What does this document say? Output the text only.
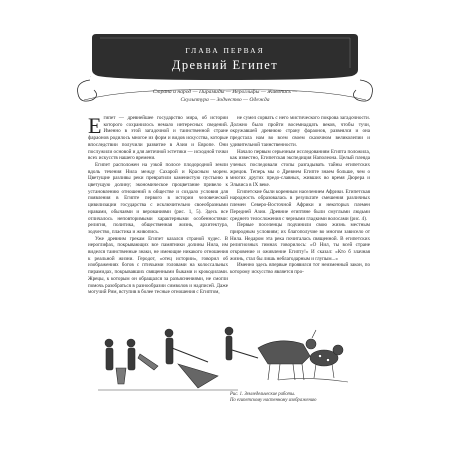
ГЛАВА ПЕРВАЯ
Древний Египет
Страна и народ — Пирамиды — Иероглифы — Живопись —
Скульптура — Зодчество — Одежда

Египет — древнейшее государство мира, об истории которого сохранилось немало интересных сведений. Именно в этой загадочной и таинственной стране фараонов родилось многое из форм и видов искусства, которые впоследствии получили развитие в Азии и Европе. Они послужили основой и для античной эстетики — исходной точки всех искусств нашего времени.

Египет расположен на узкой полосе плодородной земли вдоль течения Нила между Сахарой и Красным морем. Цветущие разливы реки превратили каменистую пустыню в цветущую долину; экономическое процветание привело к установлению отношений в обществе и создало условия для появления в Египте первого в истории человеческой цивилизации государства с исключительно своеобразными нравами, обычаями и верованиями (рис. 1, 5). Здесь все отличалось неповторимыми характерными особенностями: религия, политика, общественная жизнь, архитектура, зодчество, пластика и живопись.

Уже древним грекам Египет казался страной чудес. В иероглифах, покрывающих все памятники долины Нила, им виделся таинственные знаки, не имеющие никакого отношения к реальной жизни. Геродот, «отец истории», говорил об изображениях богов с птичьими головами на колоссальных пирамидах, покрывавших священными быками и крокодилами. Жрецы, к которым он обращался за разъяснениями, не смогли помочь разобраться в разнообразии символов и надписей. Даже могучий Рим, вступив в более тесные отношения с Египтом,

не сумел сорвать с него мистического покрова загадочности. Должно было пройти восемнадцать веков, чтобы тучи, окружавшей древнюю страну фараонов, развеялся и она предстала нам во всем своем сказочном великолепии и удивительной таинственности.

Начало первым серьезным исследованиям Египта положила, как известно, Египетская экспедиция Наполеона. Целый плеяда ученых последовали стопы разгадывать тайны египетских жрецов. Теперь мы о Древнем Египте знаем больше, чем о многих других предо-славных, живших во время Дюрера и Эльвиса в IX веке.

Египетские были коренным населением Африки. Египетская народность образовалась в результате смешения различных племен Северо-Восточной Африки и некоторых племен Передней Азии. Древние египтяне были смуглыми людьми среднего телосложения с черными гладкими волосами (рис. 4).

Первые поселенцы подчинили свою жизнь местным природным условиям; их благополучие во многом зависело от Нила. Недаром эта река почиталась священной. В египетских религиозных гимнах говорилось: «О Нил, ты всей стране откровение и оживление Египту!» И сказал: «Кто б злачная жизнь, стал бы лишь неблагодарным и глупым...»

Именно здесь впервые проявился тот неизменный закон, по которому искусство является про-

Рис. 1. Земледельческие работы.
По египетскому настенному изображению
